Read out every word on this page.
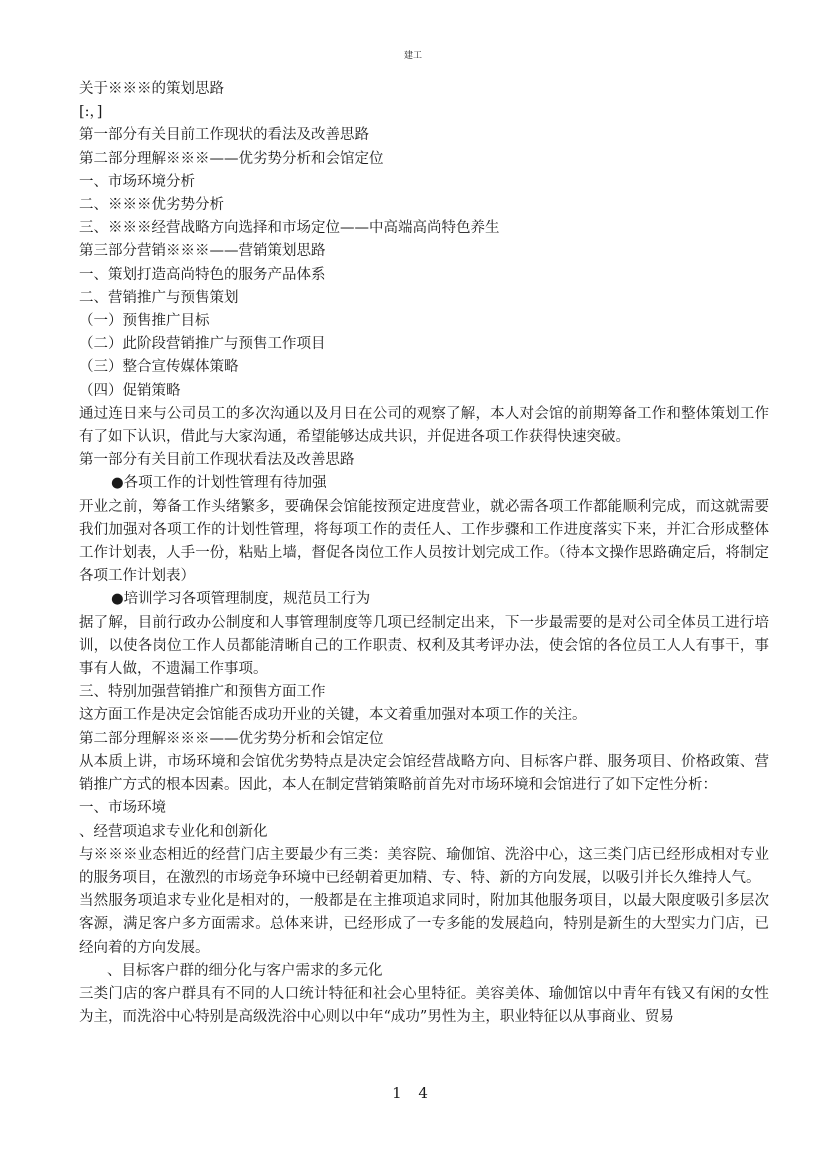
建工
关于※※※的策划思路
[:，]
第一部分有关目前工作现状的看法及改善思路
第二部分理解※※※——优劣势分析和会馆定位
一、市场环境分析
二、※※※优劣势分析
三、※※※经营战略方向选择和市场定位——中高端高尚特色养生
第三部分营销※※※——营销策划思路
一、策划打造高尚特色的服务产品体系
二、营销推广与预售策划
（一）预售推广目标
（二）此阶段营销推广与预售工作项目
（三）整合宣传媒体策略
（四）促销策略
通过连日来与公司员工的多次沟通以及月日在公司的观察了解，本人对会馆的前期筹备工作和整体策划工作有了如下认识，借此与大家沟通，希望能够达成共识，并促进各项工作获得快速突破。
第一部分有关目前工作现状看法及改善思路
●各项工作的计划性管理有待加强
开业之前，筹备工作头绪繁多，要确保会馆能按预定进度营业，就必需各项工作都能顺利完成，而这就需要我们加强对各项工作的计划性管理，将每项工作的责任人、工作步骤和工作进度落实下来，并汇合形成整体工作计划表，人手一份，粘贴上墙，督促各岗位工作人员按计划完成工作。（待本文操作思路确定后，将制定各项工作计划表）
●培训学习各项管理制度，规范员工行为
据了解，目前行政办公制度和人事管理制度等几项已经制定出来，下一步最需要的是对公司全体员工进行培训，以使各岗位工作人员都能清晰自己的工作职责、权利及其考评办法，使会馆的各位员工人人有事干，事事有人做，不遗漏工作事项。
三、特别加强营销推广和预售方面工作
这方面工作是决定会馆能否成功开业的关键，本文着重加强对本项工作的关注。
第二部分理解※※※——优劣势分析和会馆定位
从本质上讲，市场环境和会馆优劣势特点是决定会馆经营战略方向、目标客户群、服务项目、价格政策、营销推广方式的根本因素。因此，本人在制定营销策略前首先对市场环境和会馆进行了如下定性分析：
一、市场环境
、经营项追求专业化和创新化
与※※※业态相近的经营门店主要最少有三类：美容院、瑜伽馆、洗浴中心，这三类门店已经形成相对专业的服务项目，在激烈的市场竞争环境中已经朝着更加精、专、特、新的方向发展，以吸引并长久维持人气。
当然服务项追求专业化是相对的，一般都是在主推项追求同时，附加其他服务项目，以最大限度吸引多层次客源，满足客户多方面需求。总体来讲，已经形成了一专多能的发展趋向，特别是新生的大型实力门店，已经向着的方向发展。
、目标客户群的细分化与客户需求的多元化
三类门店的客户群具有不同的人口统计特征和社会心里特征。美容美体、瑜伽馆以中青年有钱又有闲的女性为主，而洗浴中心特别是高级洗浴中心则以中年“成功”男性为主，职业特征以从事商业、贸易
1 4
